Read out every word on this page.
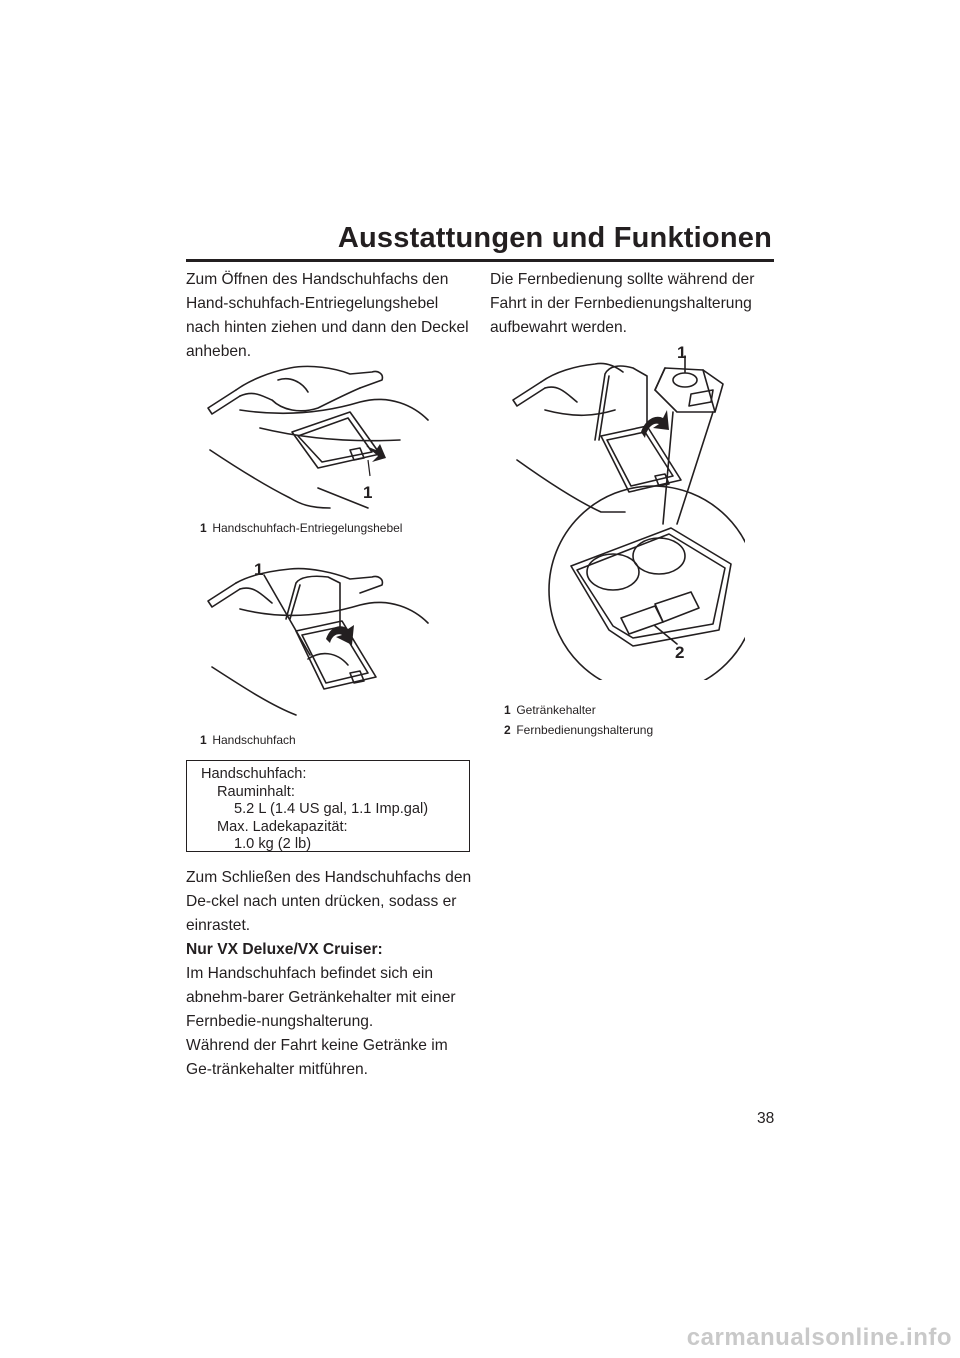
Ausstattungen und Funktionen

Zum Öffnen des Handschuhfachs den Hand-schuhfach-Entriegelungshebel nach hinten ziehen und dann den Deckel anheben.

1
1 Handschuhfach-Entriegelungshebel
1
1 Handschuhfach
Handschuhfach:
Rauminhalt:
5.2 L (1.4 US gal, 1.1 Imp.gal)
Max. Ladekapazität:
1.0 kg (2 lb)

Zum Schließen des Handschuhfachs den De-ckel nach unten drücken, sodass er einrastet.

Nur VX Deluxe/VX Cruiser:

Im Handschuhfach befindet sich ein abnehm-barer Getränkehalter mit einer Fernbedie-nungshalterung.

Während der Fahrt keine Getränke im Ge-tränkehalter mitführen.

Die Fernbedienung sollte während der Fahrt in der Fernbedienungshalterung aufbewahrt werden.

1
2
1 Getränkehalter
2 Fernbedienungshalterung
38
carmanualsonline.info
